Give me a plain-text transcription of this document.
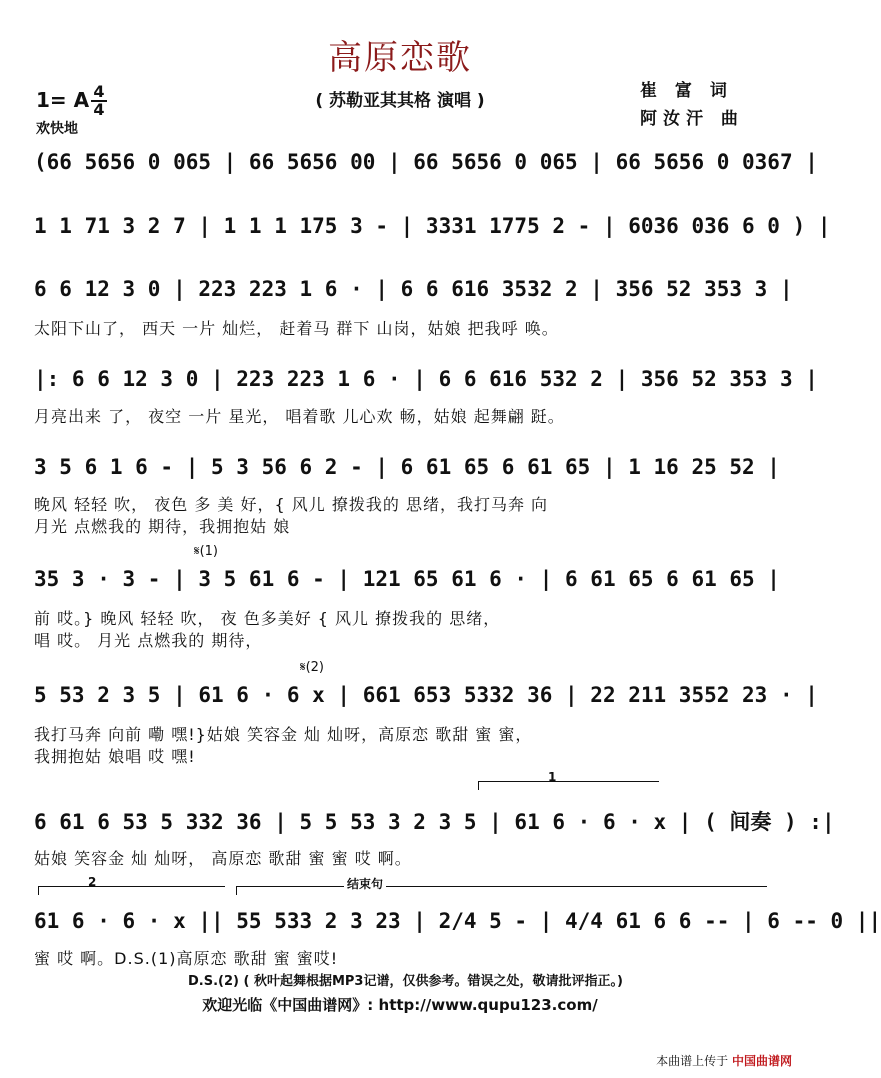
高原恋歌
( 苏勒亚其其格 演唱 )	崔 富 词
阿汝汗 曲
1= A 4
4
欢快地
(66 5656 0 065 | 66 5656 00 | 66 5656 0 065 | 66 5656 0 0367 |
1 1 71 3 2 7 | 1 1 1 175 3 - | 3331 1775 2 - | 6036 036 6 0 ) |
6 6 12 3 0 | 223 223 1 6 · | 6 6 616 3532 2 | 356 52 353 3 |
太阳下山了， 西天 一片 灿烂， 赶着马 群下 山岗，姑娘 把我呼 唤。
|: 6 6 12 3 0 | 223 223 1 6 · | 6 6 616 532 2 | 356 52 353 3 |
月亮出来 了， 夜空 一片 星光， 唱着歌 儿心欢 畅，姑娘 起舞翩 跹。
3 5 6 1 6 - | 5 3 56 6 2 - | 6 61 65 6 61 65 | 1 16 25 52 |
晚风 轻轻 吹， 夜色 多 美 好，{ 风儿 撩拨我的 思绪，我打马奔 向
月光 点燃我的 期待，我拥抱姑 娘
𝄋(1)
35 3 · 3 - | 3 5 61 6 - | 121 65 61 6 · | 6 61 65 6 61 65 |
前 哎。} 晚风 轻轻 吹， 夜 色多美好 { 风儿 撩拨我的 思绪，
唱 哎。 月光 点燃我的 期待，
𝄋(2)
5 53 2 3 5 | 61 6 · 6 x | 661 653 5332 36 | 22 211 3552 23 · |
我打马奔 向前 嘞 嘿!}姑娘 笑容金 灿 灿呀，高原恋 歌甜 蜜 蜜，
我拥抱姑 娘唱 哎 嘿!
1
6 61 6 53 5 332 36 | 5 5 53 3 2 3 5 | 61 6 · 6 · x | ( 间奏 ) :|
姑娘 笑容金 灿 灿呀， 高原恋 歌甜 蜜 蜜 哎 啊。
2	结束句
61 6 · 6 · x || 55 533 2 3 23 | 2/4 5 - | 4/4 61 6 6 -- | 6 -- 0 ||
蜜 哎 啊。D.S.(1)高原恋 歌甜 蜜 蜜哎!
D.S.(2) ( 秋叶起舞根据MP3记谱，仅供参考。错误之处，敬请批评指正。)
欢迎光临《中国曲谱网》: http://www.qupu123.com/
本曲谱上传于 中国曲谱网
